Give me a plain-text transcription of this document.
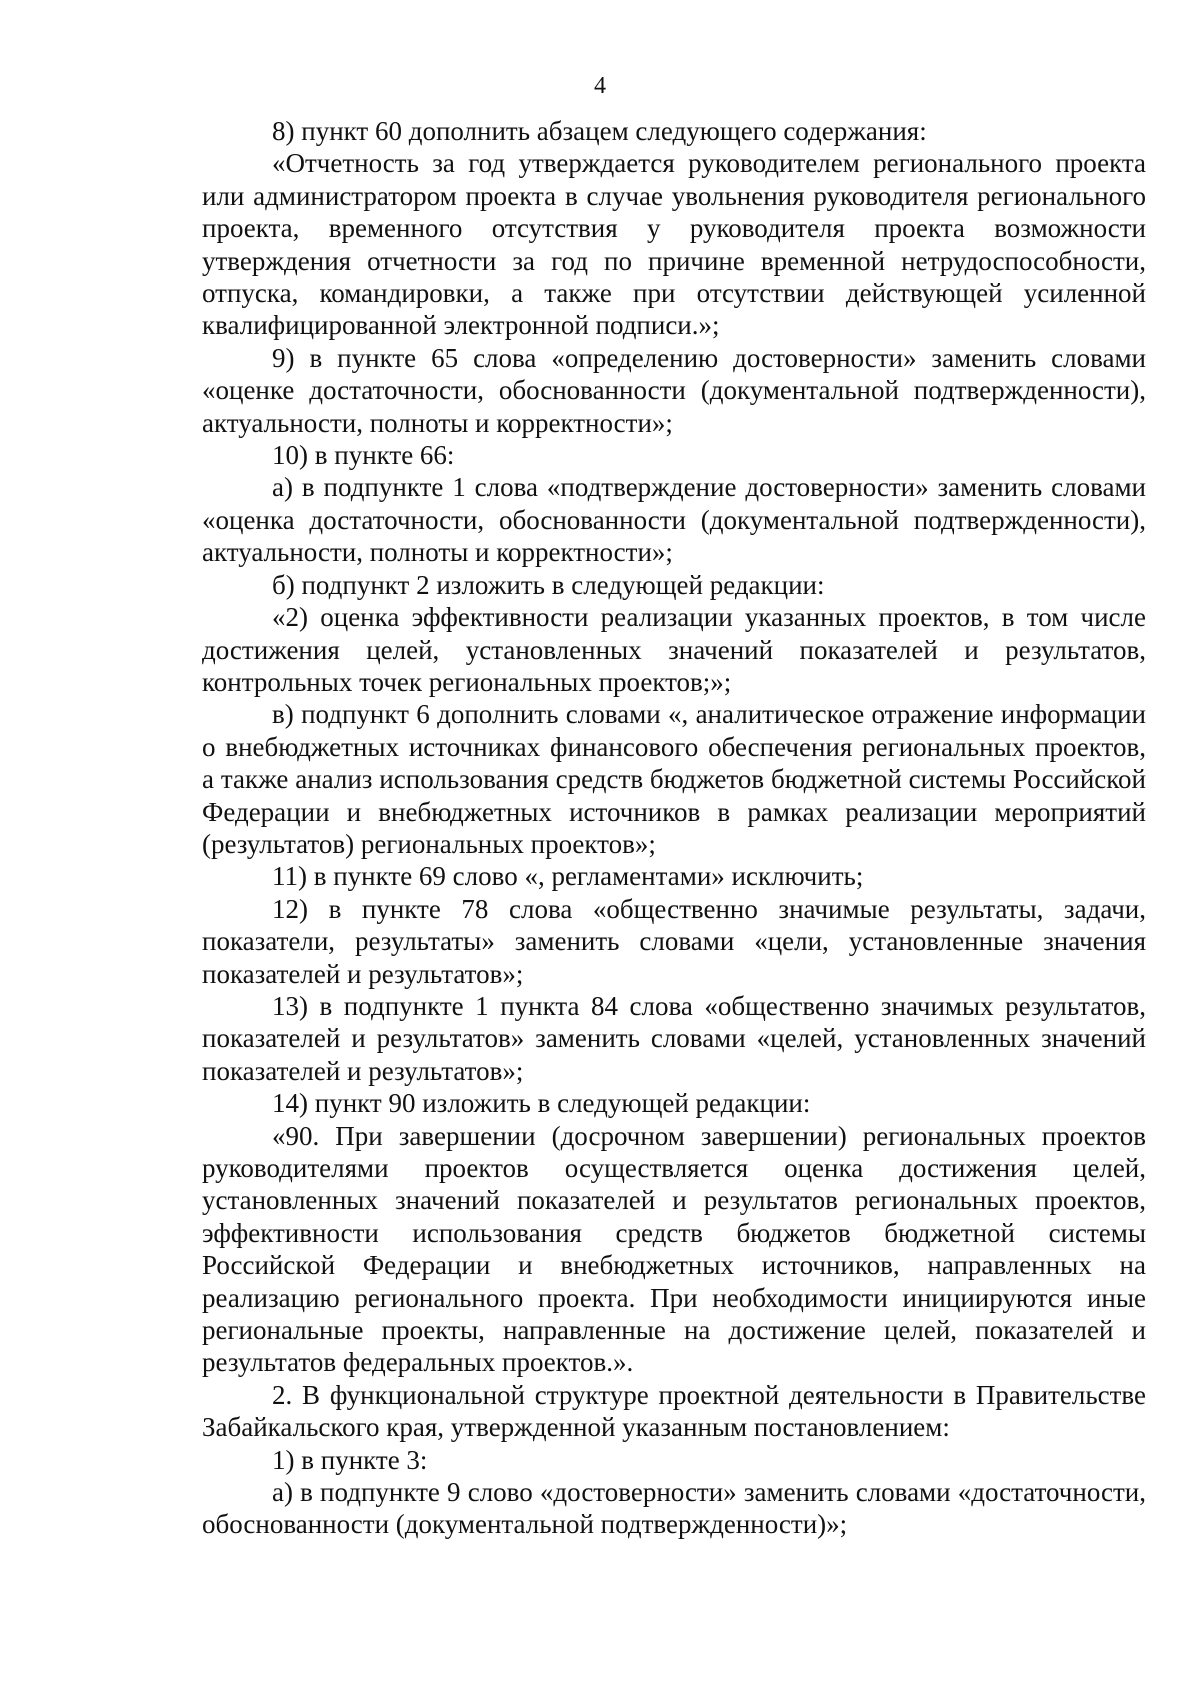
4

8) пункт 60 дополнить абзацем следующего содержания:

«Отчетность за год утверждается руководителем регионального проекта или администратором проекта в случае увольнения руководителя регионального проекта, временного отсутствия у руководителя проекта возможности утверждения отчетности за год по причине временной нетрудоспособности, отпуска, командировки, а также при отсутствии действующей усиленной квалифицированной электронной подписи.»;

9) в пункте 65 слова «определению достоверности» заменить словами «оценке достаточности, обоснованности (документальной подтвержденности), актуальности, полноты и корректности»;

10) в пункте 66:

а) в подпункте 1 слова «подтверждение достоверности» заменить словами «оценка достаточности, обоснованности (документальной подтвержденности), актуальности, полноты и корректности»;

б) подпункт 2 изложить в следующей редакции:

«2) оценка эффективности реализации указанных проектов, в том числе достижения целей, установленных значений показателей и результатов, контрольных точек региональных проектов;»;

в) подпункт 6 дополнить словами «, аналитическое отражение информации о внебюджетных источниках финансового обеспечения региональных проектов, а также анализ использования средств бюджетов бюджетной системы Российской Федерации и внебюджетных источников в рамках реализации мероприятий (результатов) региональных проектов»;

11) в пункте 69 слово «, регламентами» исключить;

12) в пункте 78 слова «общественно значимые результаты, задачи, показатели, результаты» заменить словами «цели, установленные значения показателей и результатов»;

13) в подпункте 1 пункта 84 слова «общественно значимых результатов, показателей и результатов» заменить словами «целей, установленных значений показателей и результатов»;

14) пункт 90 изложить в следующей редакции:

«90. При завершении (досрочном завершении) региональных проектов руководителями проектов осуществляется оценка достижения целей, установленных значений показателей и результатов региональных проектов, эффективности использования средств бюджетов бюджетной системы Российской Федерации и внебюджетных источников, направленных на реализацию регионального проекта. При необходимости инициируются иные региональные проекты, направленные на достижение целей, показателей и результатов федеральных проектов.».

2. В функциональной структуре проектной деятельности в Правительстве Забайкальского края, утвержденной указанным постановлением:

1) в пункте 3:

а) в подпункте 9 слово «достоверности» заменить словами «достаточности, обоснованности (документальной подтвержденности)»;
